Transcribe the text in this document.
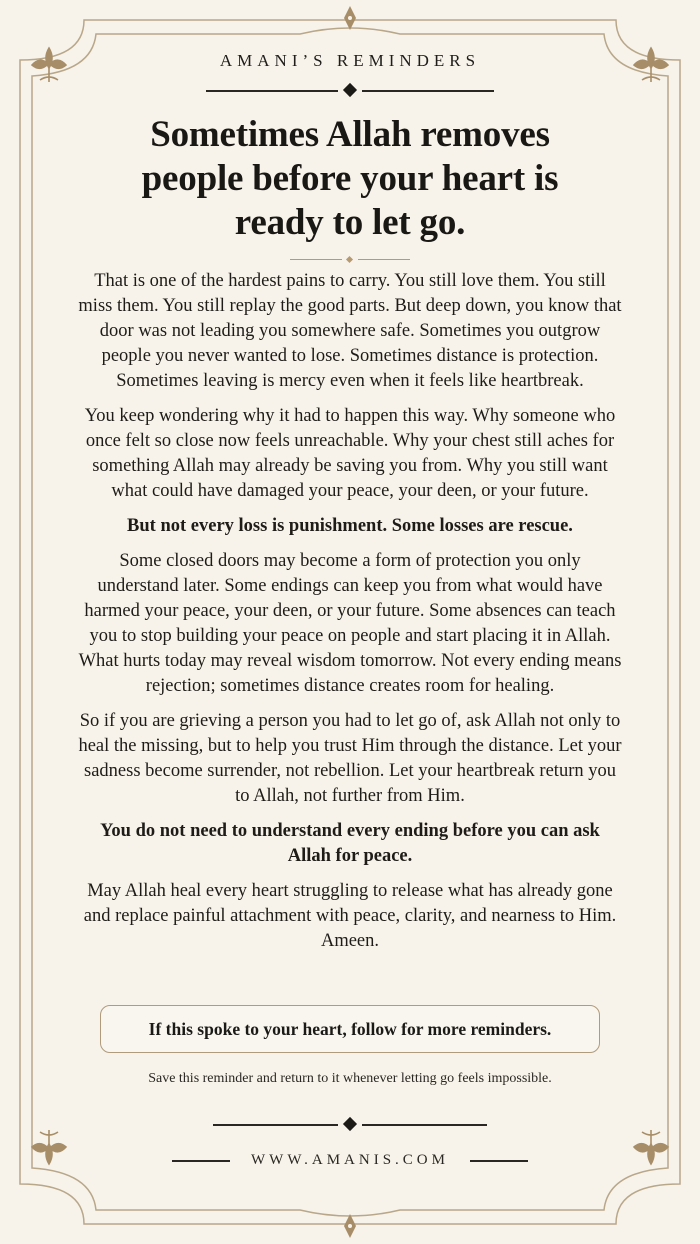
AMANI’S REMINDERS
Sometimes Allah removes people before your heart is ready to let go.

That is one of the hardest pains to carry. You still love them. You still miss them. You still replay the good parts. But deep down, you know that door was not leading you somewhere safe. Sometimes you outgrow people you never wanted to lose. Sometimes distance is protection. Sometimes leaving is mercy even when it feels like heartbreak.

You keep wondering why it had to happen this way. Why someone who once felt so close now feels unreachable. Why your chest still aches for something Allah may already be saving you from. Why you still want what could have damaged your peace, your deen, or your future.

But not every loss is punishment. Some losses are rescue.

Some closed doors may become a form of protection you only understand later. Some endings can keep you from what would have harmed your peace, your deen, or your future. Some absences can teach you to stop building your peace on people and start placing it in Allah. What hurts today may reveal wisdom tomorrow. Not every ending means rejection; sometimes distance creates room for healing.

So if you are grieving a person you had to let go of, ask Allah not only to heal the missing, but to help you trust Him through the distance. Let your sadness become surrender, not rebellion. Let your heartbreak return you to Allah, not further from Him.

You do not need to understand every ending before you can ask Allah for peace.

May Allah heal every heart struggling to release what has already gone and replace painful attachment with peace, clarity, and nearness to Him. Ameen.

If this spoke to your heart, follow for more reminders.
Save this reminder and return to it whenever letting go feels impossible.
WWW.AMANIS.COM
